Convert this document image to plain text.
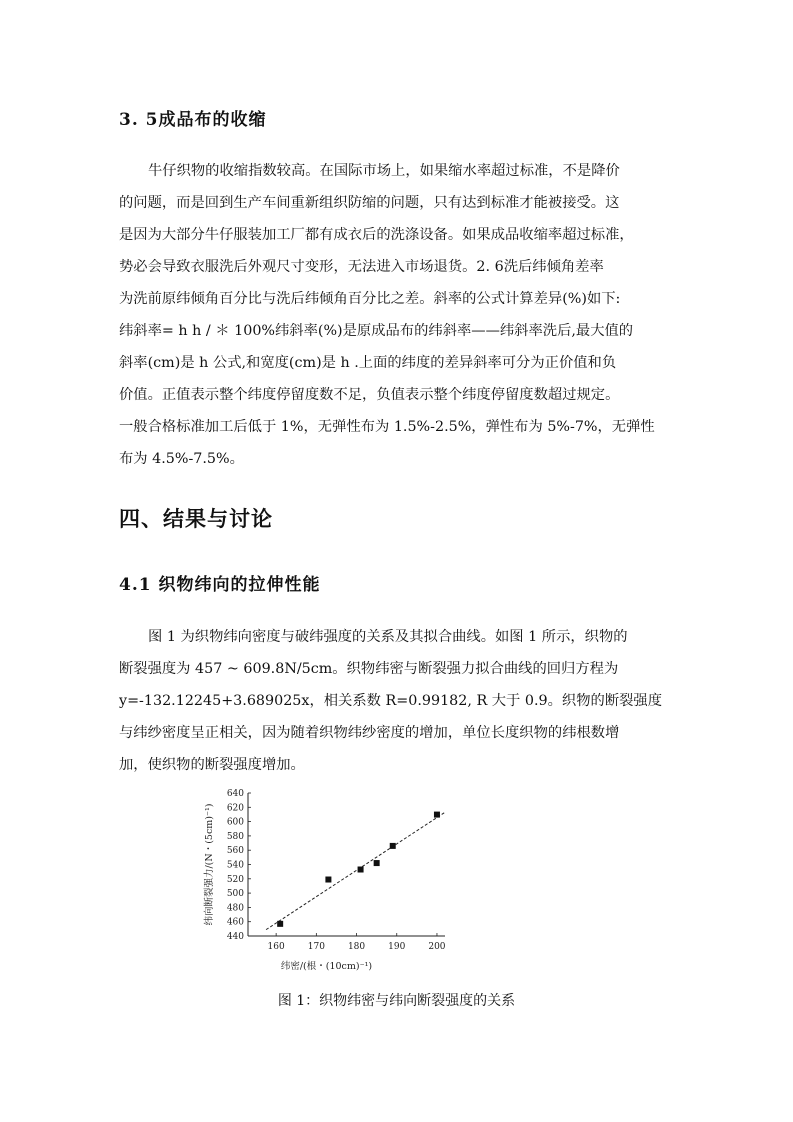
3. 5成品布的收缩
牛仔织物的收缩指数较高。在国际市场上，如果缩水率超过标准，不是降价
的问题，而是回到生产车间重新组织防缩的问题，只有达到标准才能被接受。这
是因为大部分牛仔服装加工厂都有成衣后的洗涤设备。如果成品收缩率超过标准，
势必会导致衣服洗后外观尺寸变形，无法进入市场退货。2. 6洗后纬倾角差率
为洗前原纬倾角百分比与洗后纬倾角百分比之差。斜率的公式计算差异(%)如下:
纬斜率= h h / ＊ 100%纬斜率(%)是原成品布的纬斜率——纬斜率洗后,最大值的
斜率(cm)是 h 公式,和宽度(cm)是 h .上面的纬度的差异斜率可分为正价值和负
价值。正值表示整个纬度停留度数不足，负值表示整个纬度停留度数超过规定。
一般合格标准加工后低于 1%，无弹性布为 1.5%-2.5%，弹性布为 5%-7%，无弹性
布为 4.5%-7.5%。
四、结果与讨论
4.1 织物纬向的拉伸性能
图 1 为织物纬向密度与破纬强度的关系及其拟合曲线。如图 1 所示，织物的
断裂强度为 457 ~ 609.8N/5cm。织物纬密与断裂强力拟合曲线的回归方程为
y=-132.12245+3.689025x，相关系数 R=0.99182, R 大于 0.9。织物的断裂强度
与纬纱密度呈正相关，因为随着织物纬纱密度的增加，单位长度织物的纬根数增
加，使织物的断裂强度增加。
440
460
480
500
520
540
560
580
600
620
640
160	170	180	190	200
纬密/(根・(10cm)⁻¹)
纬向断裂强力/(N・(5cm)⁻¹)
图 1：织物纬密与纬向断裂强度的关系
